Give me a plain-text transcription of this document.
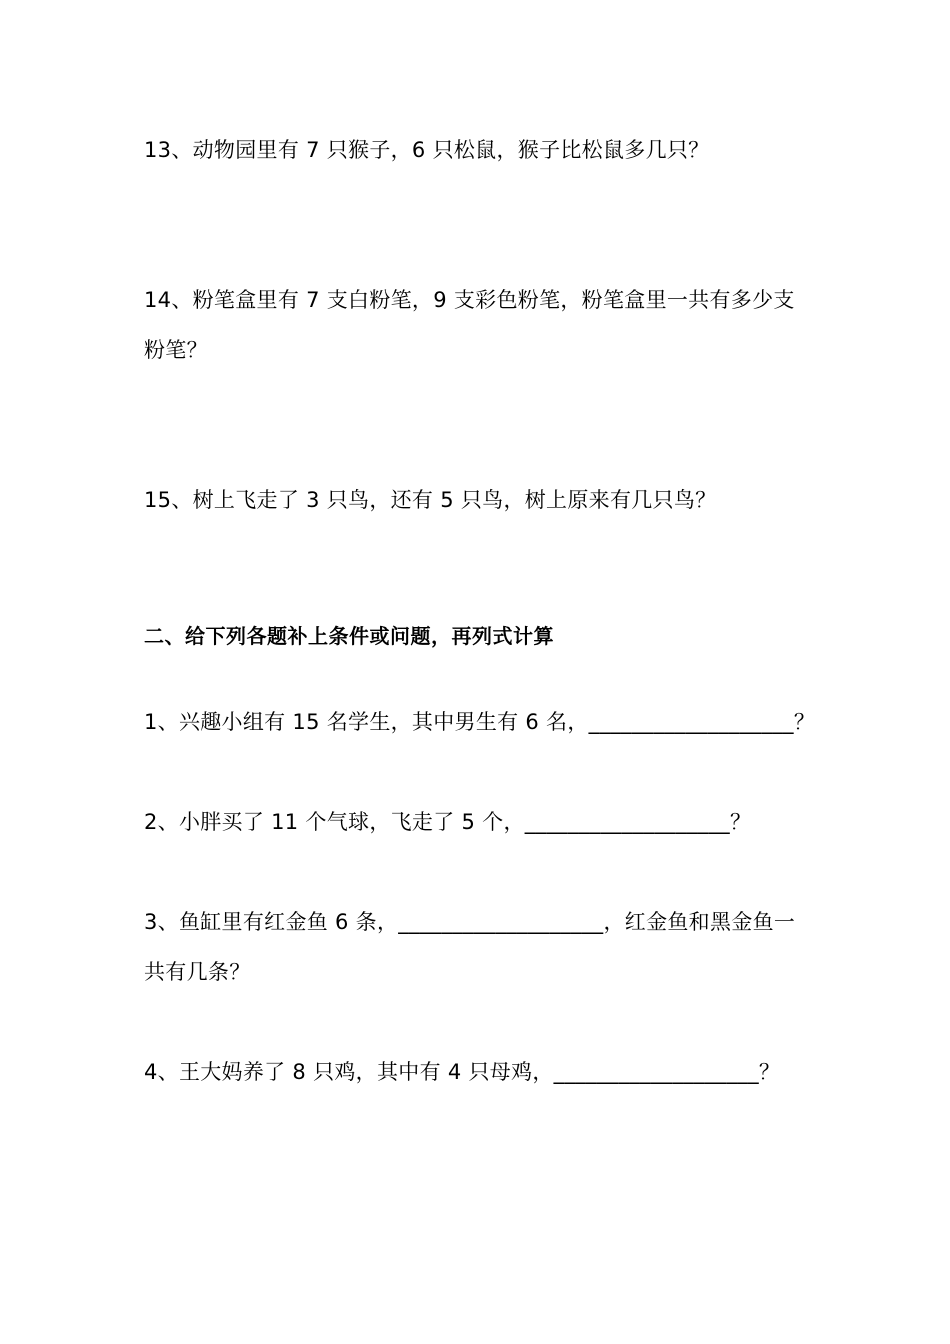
13、动物园里有 7 只猴子，6 只松鼠，猴子比松鼠多几只？
14、粉笔盒里有 7 支白粉笔，9 支彩色粉笔，粉笔盒里一共有多少支
粉笔？
15、树上飞走了 3 只鸟，还有 5 只鸟，树上原来有几只鸟？
二、给下列各题补上条件或问题，再列式计算
1、兴趣小组有 15 名学生，其中男生有 6 名，___________________？
2、小胖买了 11 个气球，飞走了 5 个，___________________？
3、鱼缸里有红金鱼 6 条，___________________，红金鱼和黑金鱼一
共有几条？
4、王大妈养了 8 只鸡，其中有 4 只母鸡，___________________？
